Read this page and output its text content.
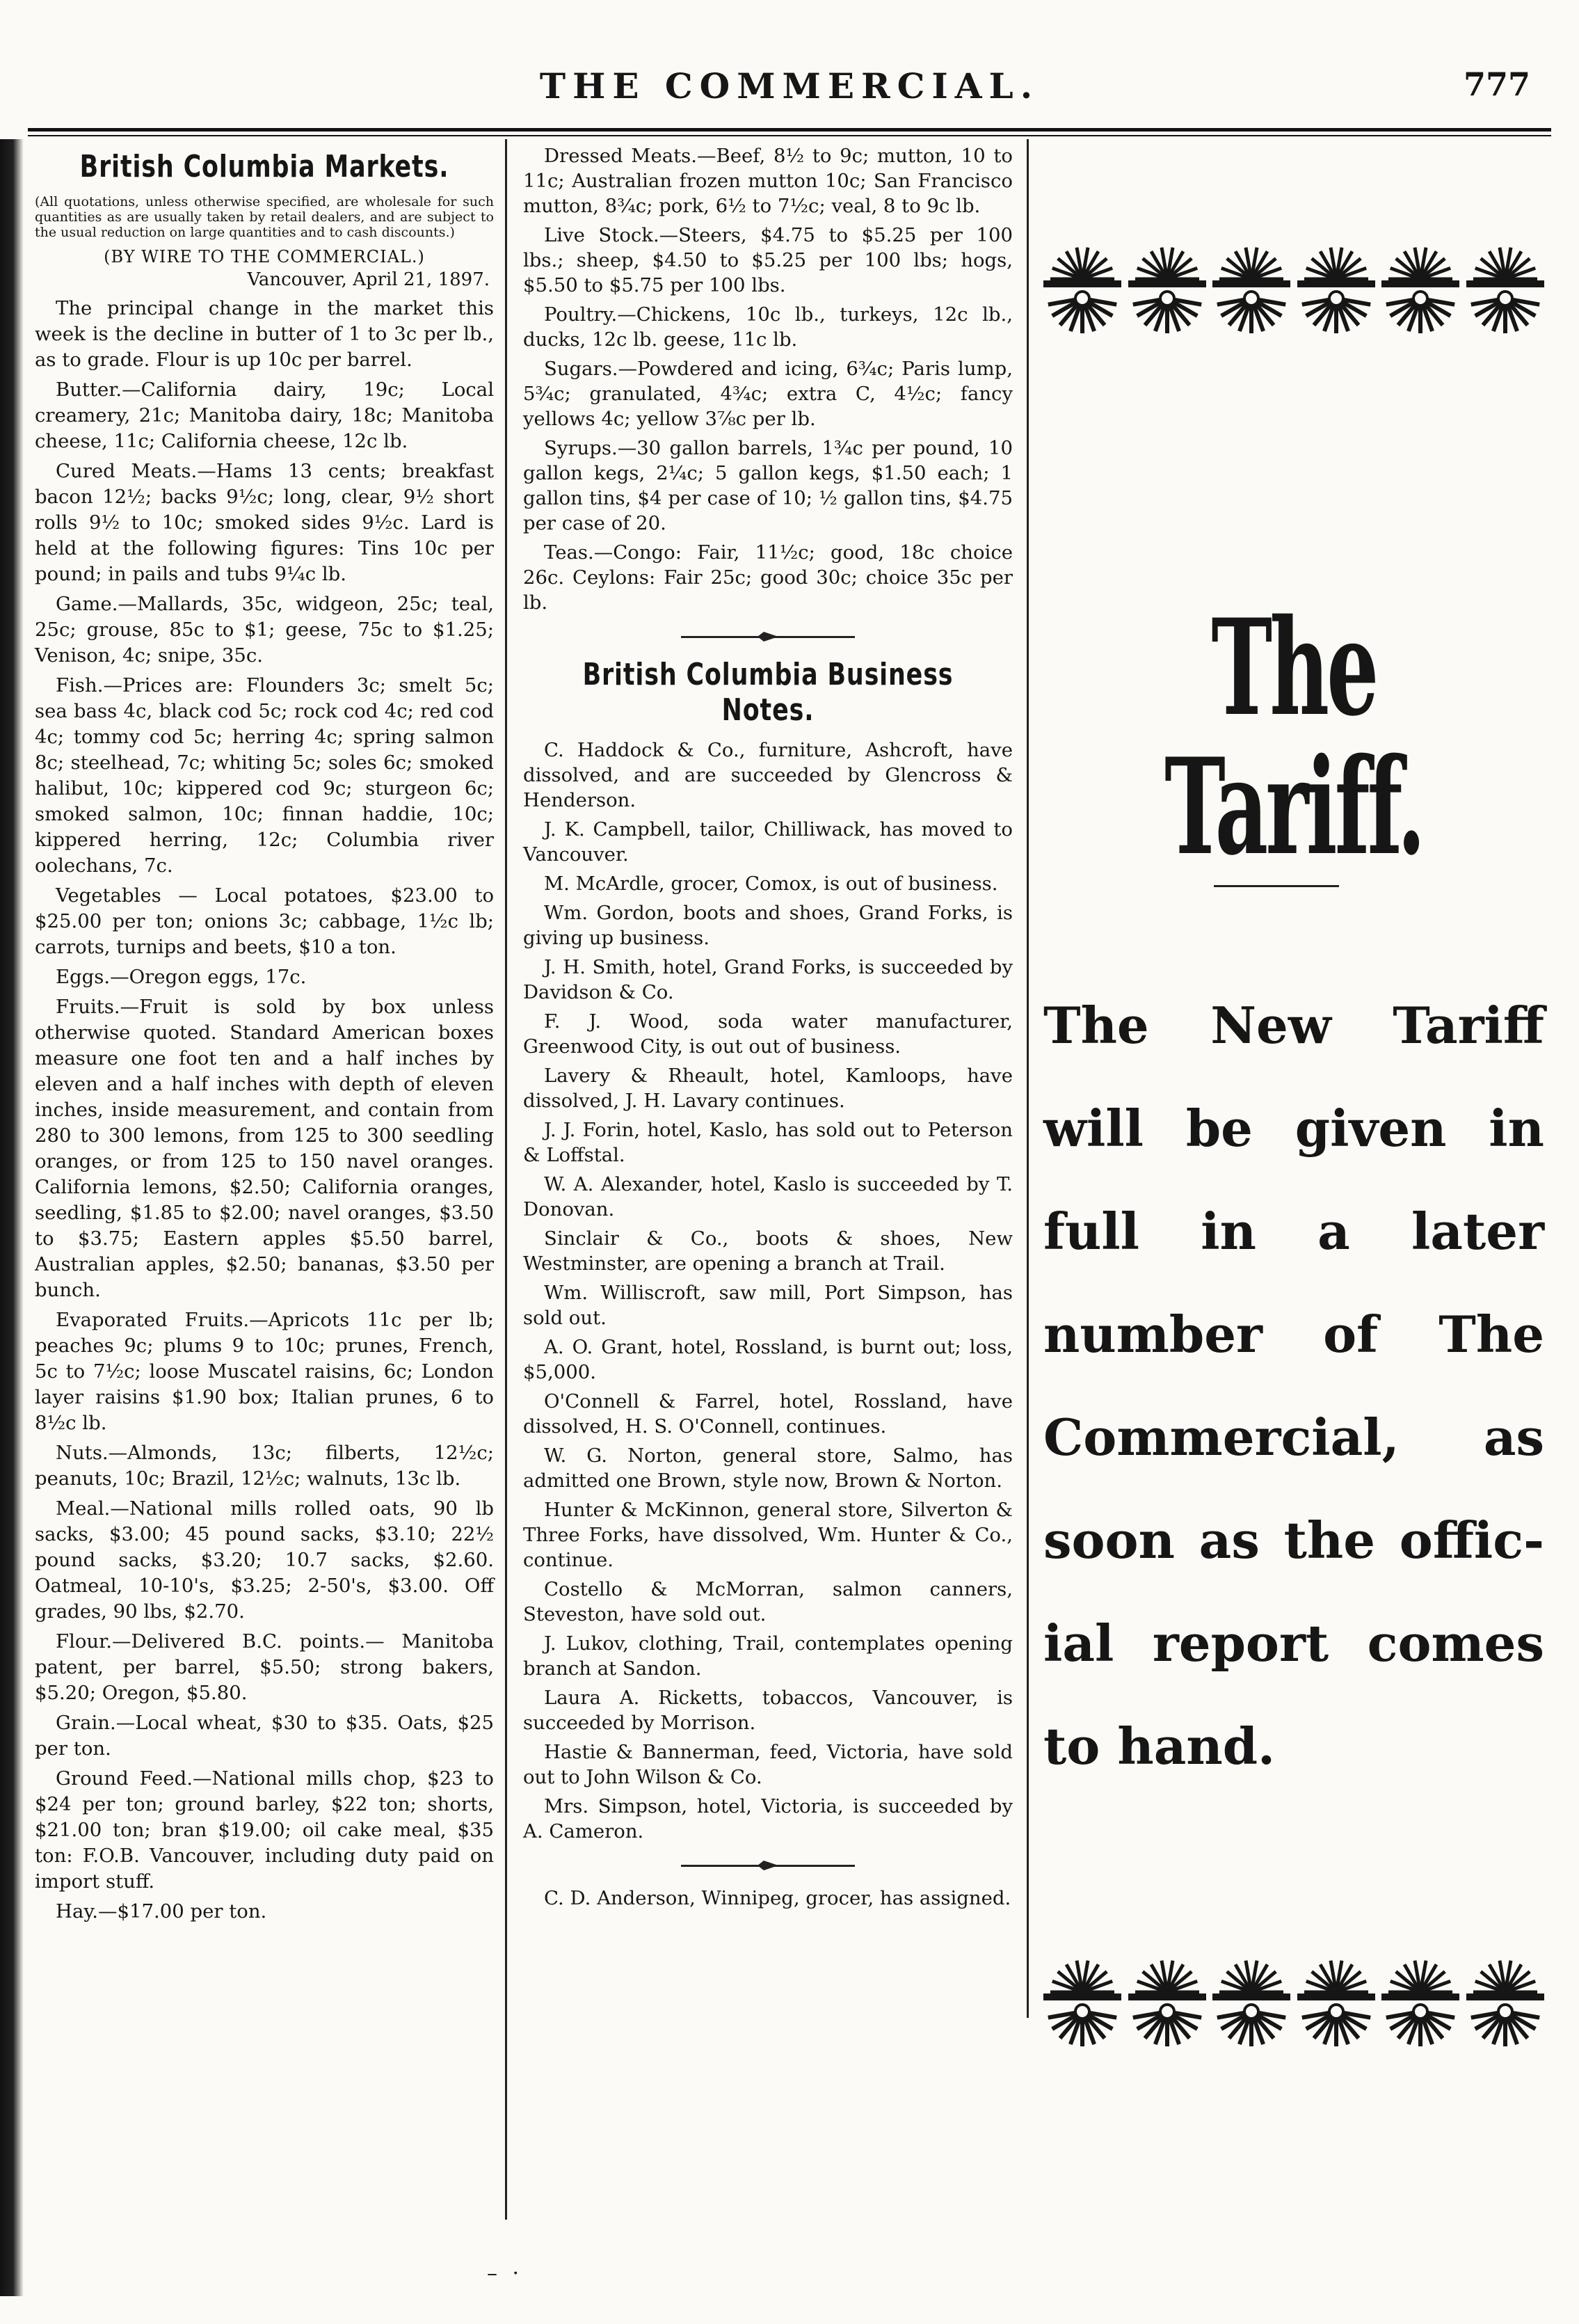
THE COMMERCIAL.	777
British Columbia Markets.
(All quotations, unless otherwise specified, are wholesale for such quantities as are usually taken by retail dealers, and are subject to the usual reduction on large quantities and to cash discounts.)
(BY WIRE TO THE COMMERCIAL.)
Vancouver, April 21, 1897.

The principal change in the market this week is the decline in butter of 1 to 3c per lb., as to grade. Flour is up 10c per barrel.

Butter.—California dairy, 19c; Local creamery, 21c; Manitoba dairy, 18c; Manitoba cheese, 11c; California cheese, 12c lb.

Cured Meats.—Hams 13 cents; breakfast bacon 12½; backs 9½c; long, clear, 9½ short rolls 9½ to 10c; smoked sides 9½c. Lard is held at the following figures: Tins 10c per pound; in pails and tubs 9¼c lb.

Game.—Mallards, 35c, widgeon, 25c; teal, 25c; grouse, 85c to $1; geese, 75c to $1.25; Venison, 4c; snipe, 35c.

Fish.—Prices are: Flounders 3c; smelt 5c; sea bass 4c, black cod 5c; rock cod 4c; red cod 4c; tommy cod 5c; herring 4c; spring salmon 8c; steelhead, 7c; whiting 5c; soles 6c; smoked halibut, 10c; kippered cod 9c; sturgeon 6c; smoked salmon, 10c; finnan haddie, 10c; kippered herring, 12c; Columbia river oolechans, 7c.

Vegetables — Local potatoes, $23.00 to $25.00 per ton; onions 3c; cabbage, 1½c lb; carrots, turnips and beets, $10 a ton.

Eggs.—Oregon eggs, 17c.

Fruits.—Fruit is sold by box unless otherwise quoted. Standard American boxes measure one foot ten and a half inches by eleven and a half inches with depth of eleven inches, inside measurement, and contain from 280 to 300 lemons, from 125 to 300 seedling oranges, or from 125 to 150 navel oranges. California lemons, $2.50; California oranges, seedling, $1.85 to $2.00; navel oranges, $3.50 to $3.75; Eastern apples $5.50 barrel, Australian apples, $2.50; bananas, $3.50 per bunch.

Evaporated Fruits.—Apricots 11c per lb; peaches 9c; plums 9 to 10c; prunes, French, 5c to 7½c; loose Muscatel raisins, 6c; London layer raisins $1.90 box; Italian prunes, 6 to 8½c lb.

Nuts.—Almonds, 13c; filberts, 12½c; peanuts, 10c; Brazil, 12½c; walnuts, 13c lb.

Meal.—National mills rolled oats, 90 lb sacks, $3.00; 45 pound sacks, $3.10; 22½ pound sacks, $3.20; 10.7 sacks, $2.60. Oatmeal, 10-10's, $3.25; 2-50's, $3.00. Off grades, 90 lbs, $2.70.

Flour.—Delivered B.C. points.— Manitoba patent, per barrel, $5.50; strong bakers, $5.20; Oregon, $5.80.

Grain.—Local wheat, $30 to $35. Oats, $25 per ton.

Ground Feed.—National mills chop, $23 to $24 per ton; ground barley, $22 ton; shorts, $21.00 ton; bran $19.00; oil cake meal, $35 ton: F.O.B. Vancouver, including duty paid on import stuff.

Hay.—$17.00 per ton.

Dressed Meats.—Beef, 8½ to 9c; mutton, 10 to 11c; Australian frozen mutton 10c; San Francisco mutton, 8¾c; pork, 6½ to 7½c; veal, 8 to 9c lb.

Live Stock.—Steers, $4.75 to $5.25 per 100 lbs.; sheep, $4.50 to $5.25 per 100 lbs; hogs, $5.50 to $5.75 per 100 lbs.

Poultry.—Chickens, 10c lb., turkeys, 12c lb., ducks, 12c lb. geese, 11c lb.

Sugars.—Powdered and icing, 6¾c; Paris lump, 5¾c; granulated, 4¾c; extra C, 4½c; fancy yellows 4c; yellow 3⅞c per lb.

Syrups.—30 gallon barrels, 1¾c per pound, 10 gallon kegs, 2¼c; 5 gallon kegs, $1.50 each; 1 gallon tins, $4 per case of 10; ½ gallon tins, $4.75 per case of 20.

Teas.—Congo: Fair, 11½c; good, 18c choice 26c. Ceylons: Fair 25c; good 30c; choice 35c per lb.

British Columbia Business Notes.

C. Haddock & Co., furniture, Ashcroft, have dissolved, and are succeeded by Glencross & Henderson.

J. K. Campbell, tailor, Chilliwack, has moved to Vancouver.

M. McArdle, grocer, Comox, is out of business.

Wm. Gordon, boots and shoes, Grand Forks, is giving up business.

J. H. Smith, hotel, Grand Forks, is succeeded by Davidson & Co.

F. J. Wood, soda water manufacturer, Greenwood City, is out out of business.

Lavery & Rheault, hotel, Kamloops, have dissolved, J. H. Lavary continues.

J. J. Forin, hotel, Kaslo, has sold out to Peterson & Loffstal.

W. A. Alexander, hotel, Kaslo is succeeded by T. Donovan.

Sinclair & Co., boots & shoes, New Westminster, are opening a branch at Trail.

Wm. Williscroft, saw mill, Port Simpson, has sold out.

A. O. Grant, hotel, Rossland, is burnt out; loss, $5,000.

O'Connell & Farrel, hotel, Rossland, have dissolved, H. S. O'Connell, continues.

W. G. Norton, general store, Salmo, has admitted one Brown, style now, Brown & Norton.

Hunter & McKinnon, general store, Silverton & Three Forks, have dissolved, Wm. Hunter & Co., continue.

Costello & McMorran, salmon canners, Steveston, have sold out.

J. Lukov, clothing, Trail, contemplates opening branch at Sandon.

Laura A. Ricketts, tobaccos, Vancouver, is succeeded by Morrison.

Hastie & Bannerman, feed, Victoria, have sold out to John Wilson & Co.

Mrs. Simpson, hotel, Victoria, is succeeded by A. Cameron.

C. D. Anderson, Winnipeg, grocer, has assigned.

The Tariff.
The New Tariff
will be given in
full in a later
number of The
Commercial, as
soon as the offic-
ial report comes
to hand.
– ·
